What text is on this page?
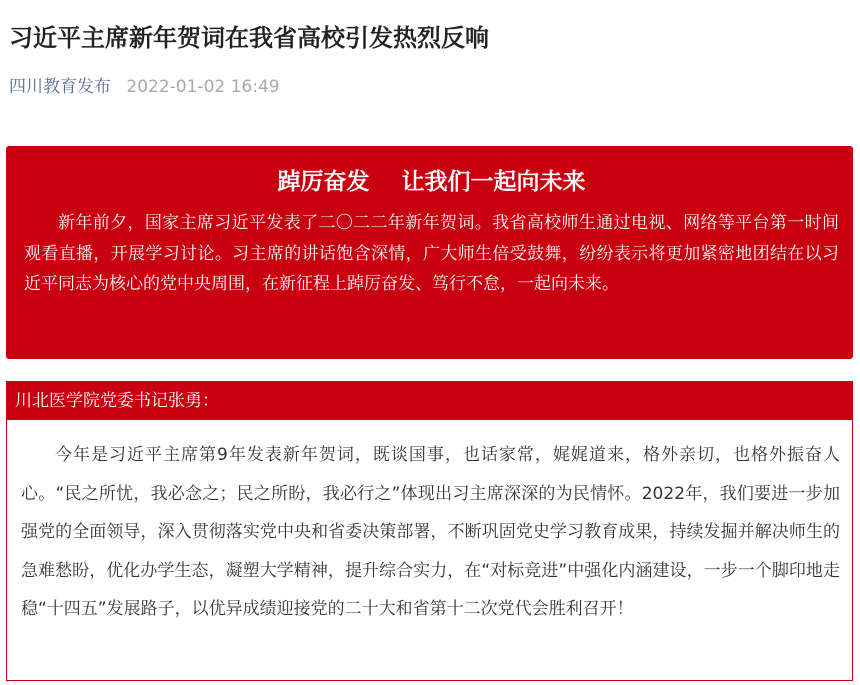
习近平主席新年贺词在我省高校引发热烈反响
四川教育发布 2022-01-02 16:49
踔厉奋发    让我们一起向未来

新年前夕，国家主席习近平发表了二〇二二年新年贺词。我省高校师生通过电视、网络等平台第一时间观看直播，开展学习讨论。习主席的讲话饱含深情，广大师生倍受鼓舞，纷纷表示将更加紧密地团结在以习近平同志为核心的党中央周围，在新征程上踔厉奋发、笃行不怠，一起向未来。

川北医学院党委书记张勇：

今年是习近平主席第9年发表新年贺词，既谈国事，也话家常，娓娓道来，格外亲切，也格外振奋人心。“民之所忧，我必念之；民之所盼，我必行之”体现出习主席深深的为民情怀。2022年，我们要进一步加强党的全面领导，深入贯彻落实党中央和省委决策部署，不断巩固党史学习教育成果，持续发掘并解决师生的急难愁盼，优化办学生态，凝塑大学精神，提升综合实力，在“对标竞进”中强化内涵建设，一步一个脚印地走稳“十四五”发展路子，以优异成绩迎接党的二十大和省第十二次党代会胜利召开！
